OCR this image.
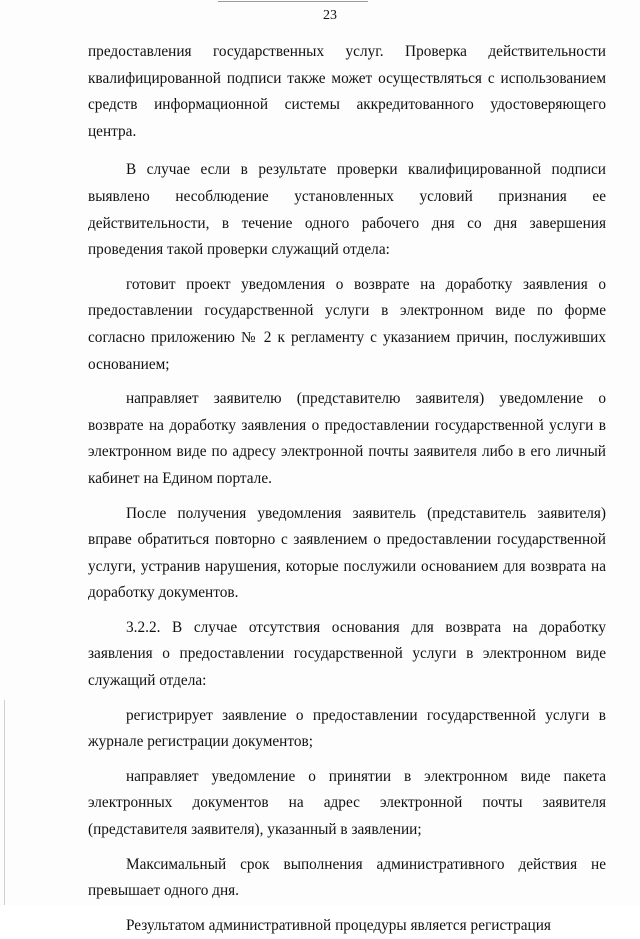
23

предоставления государственных услуг. Проверка действительности квалифицированной подписи также может осуществляться с использованием средств информационной системы аккредитованного удостоверяющего центра.

В случае если в результате проверки квалифицированной подписи выявлено несоблюдение установленных условий признания ее действительности, в течение одного рабочего дня со дня завершения проведения такой проверки служащий отдела:

готовит проект уведомления о возврате на доработку заявления о предоставлении государственной услуги в электронном виде по форме согласно приложению № 2 к регламенту с указанием причин, послуживших основанием;

направляет заявителю (представителю заявителя) уведомление о возврате на доработку заявления о предоставлении государственной услуги в электронном виде по адресу электронной почты заявителя либо в его личный кабинет на Едином портале.

После получения уведомления заявитель (представитель заявителя) вправе обратиться повторно с заявлением о предоставлении государственной услуги, устранив нарушения, которые послужили основанием для возврата на доработку документов.

3.2.2. В случае отсутствия основания для возврата на доработку заявления о предоставлении государственной услуги в электронном виде служащий отдела:

регистрирует заявление о предоставлении государственной услуги в журнале регистрации документов;

направляет уведомление о принятии в электронном виде пакета электронных документов на адрес электронной почты заявителя (представителя заявителя), указанный в заявлении;

Максимальный срок выполнения административного действия не превышает одного дня.

Результатом административной процедуры является регистрация
